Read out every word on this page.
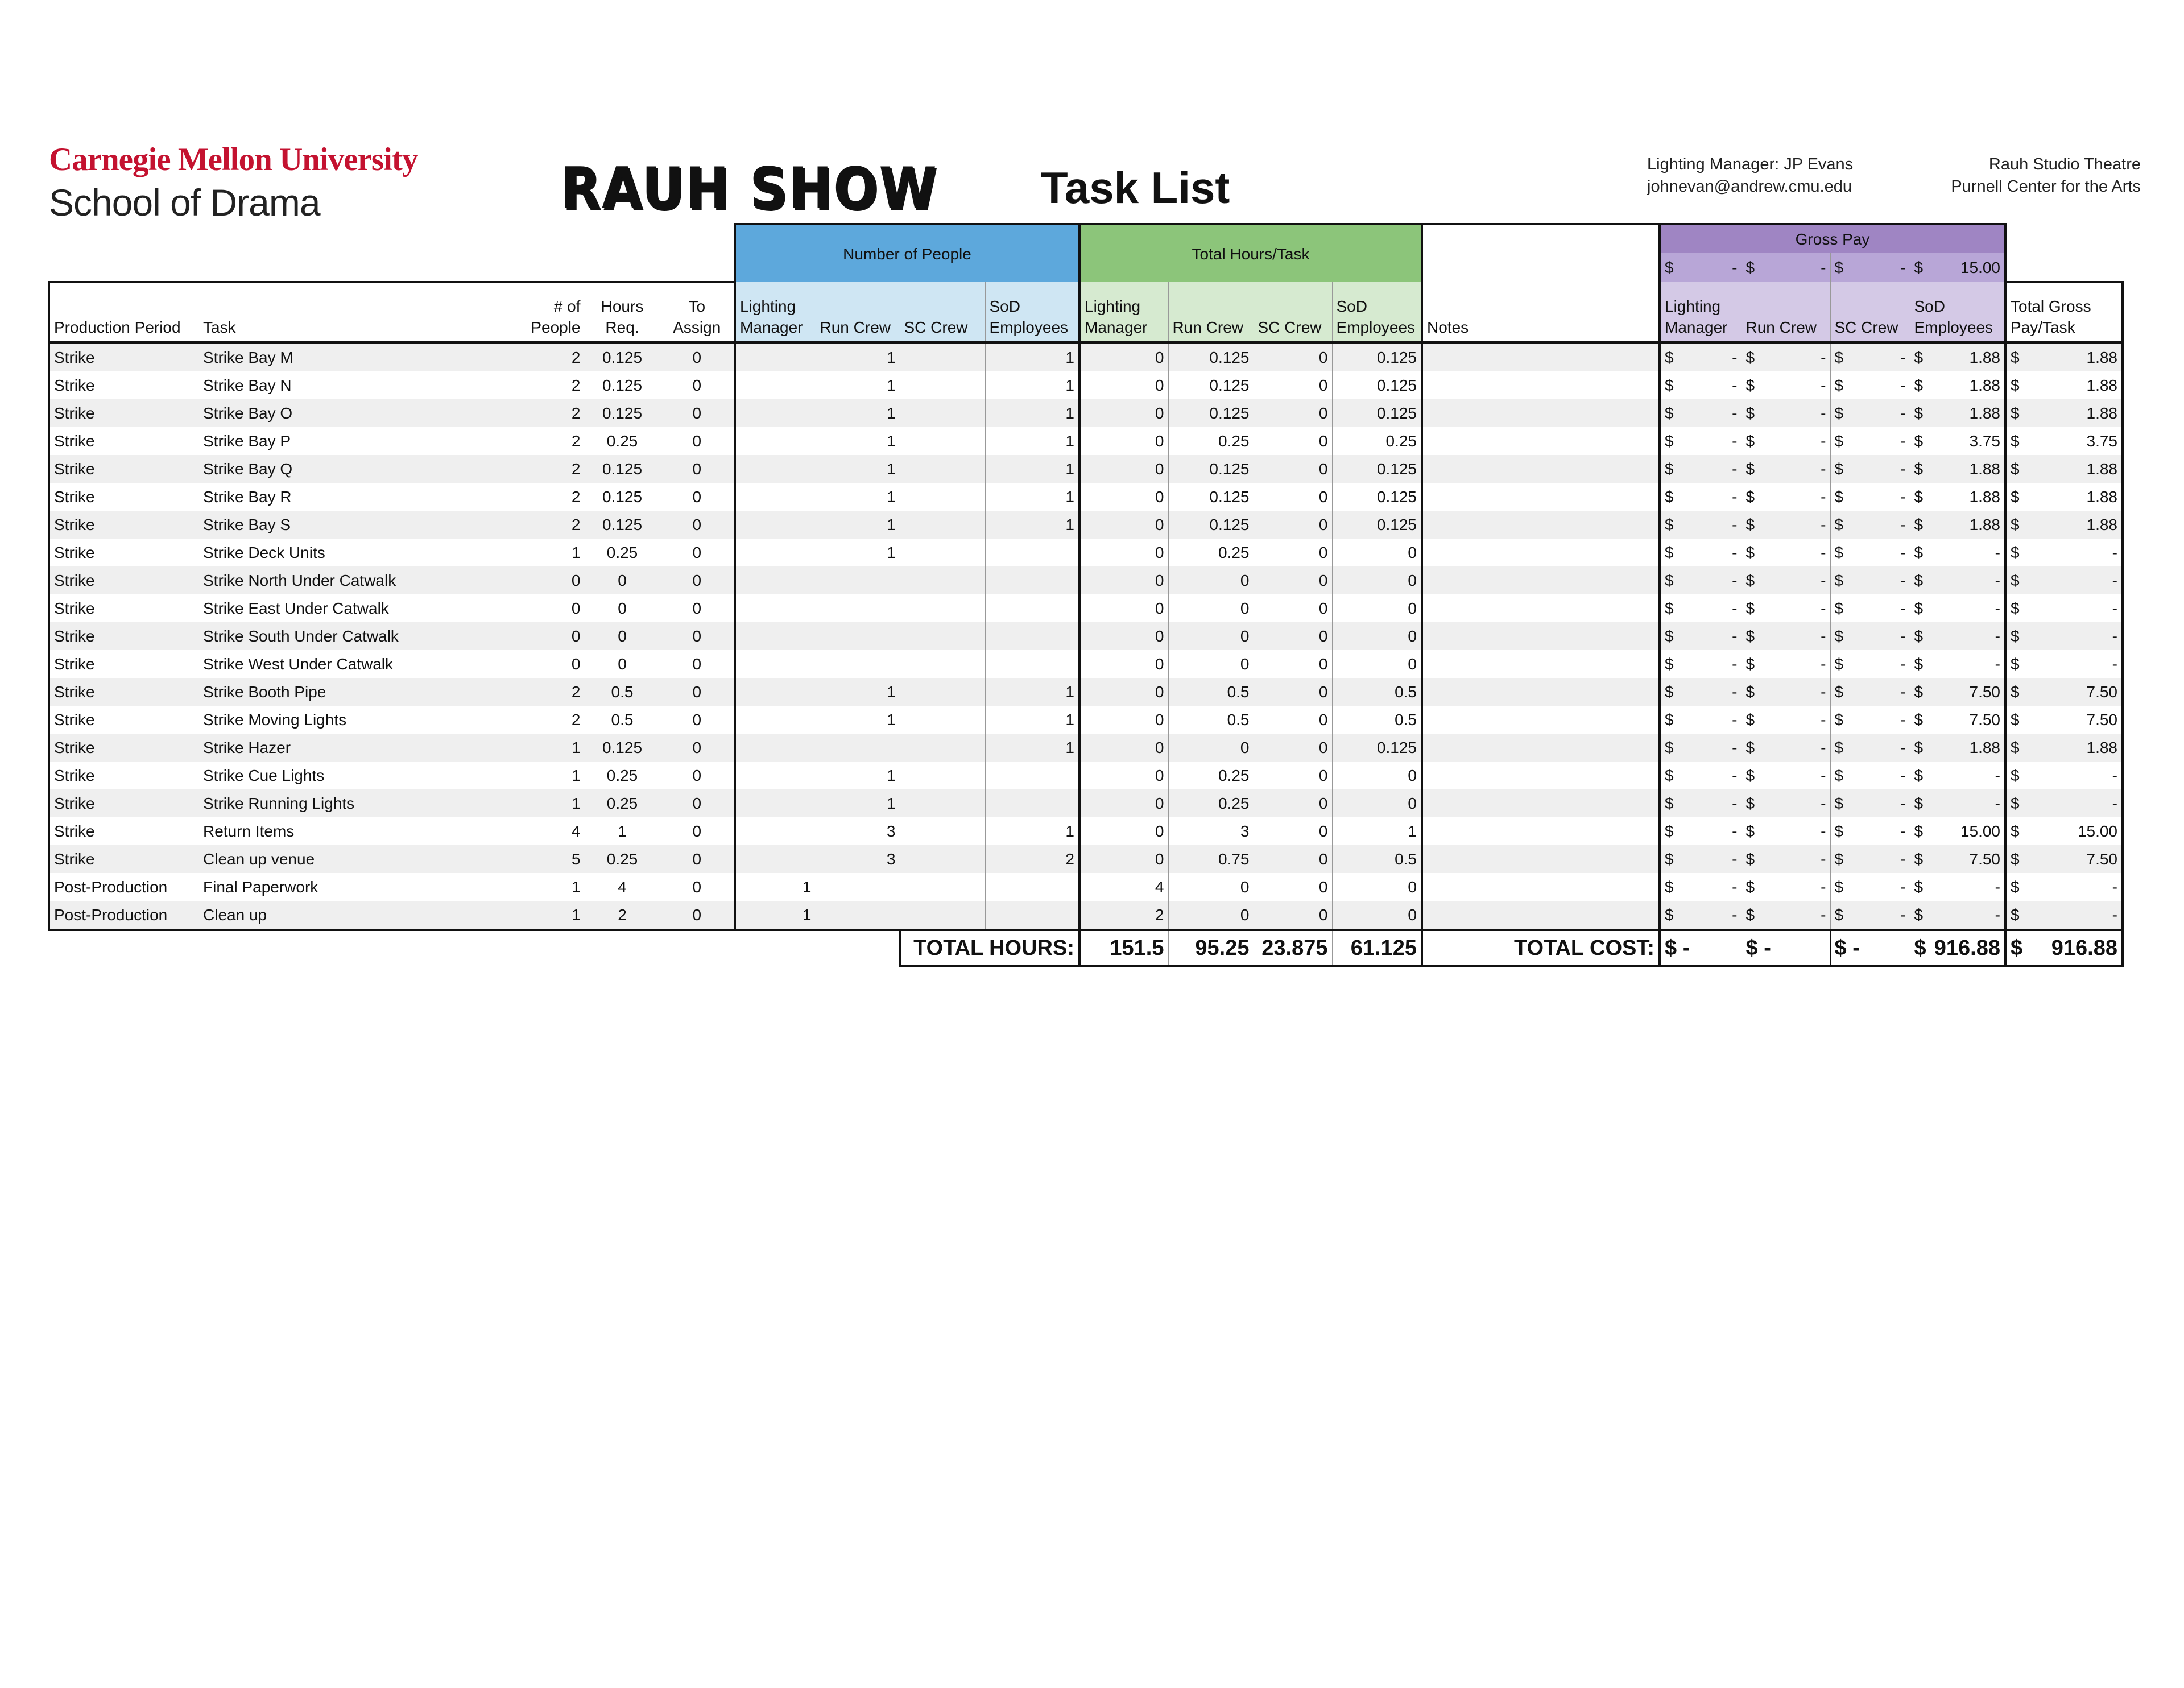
Carnegie Mellon University
School of Drama	RAUH SHOW Task List	Lighting Manager: JP Evans
johnevan@andrew.cmu.edu
Rauh Studio Theatre
Purnell Center for the Arts
					Number of People				Total Hours/Task					Gross Pay				

														$ -	$ -	$ -	$ 15.00	

Production Period	Task	# of People	Hours Req.	To Assign	Lighting Manager	Run Crew	SC Crew	SoD Employees	Lighting Manager	Run Crew	SC Crew	SoD Employees	Notes	Lighting Manager	Run Crew	SC Crew	SoD Employees	Total Gross Pay/Task
Strike	Strike Bay M	2	0.125	0		1		1	0	0.125	0	0.125		$ -	$ -	$ -	$ 1.88	$ 1.88

Strike	Strike Bay N	2	0.125	0		1		1	0	0.125	0	0.125		$ -	$ -	$ -	$ 1.88	$ 1.88

Strike	Strike Bay O	2	0.125	0		1		1	0	0.125	0	0.125		$ -	$ -	$ -	$ 1.88	$ 1.88

Strike	Strike Bay P	2	0.25	0		1		1	0	0.25	0	0.25		$ -	$ -	$ -	$ 3.75	$ 3.75

Strike	Strike Bay Q	2	0.125	0		1		1	0	0.125	0	0.125		$ -	$ -	$ -	$ 1.88	$ 1.88

Strike	Strike Bay R	2	0.125	0		1		1	0	0.125	0	0.125		$ -	$ -	$ -	$ 1.88	$ 1.88

Strike	Strike Bay S	2	0.125	0		1		1	0	0.125	0	0.125		$ -	$ -	$ -	$ 1.88	$ 1.88

Strike	Strike Deck Units	1	0.25	0		1			0	0.25	0	0		$ -	$ -	$ -	$ -	$ -

Strike	Strike North Under Catwalk	0	0	0					0	0	0	0		$ -	$ -	$ -	$ -	$ -

Strike	Strike East Under Catwalk	0	0	0					0	0	0	0		$ -	$ -	$ -	$ -	$ -

Strike	Strike South Under Catwalk	0	0	0					0	0	0	0		$ -	$ -	$ -	$ -	$ -

Strike	Strike West Under Catwalk	0	0	0					0	0	0	0		$ -	$ -	$ -	$ -	$ -

Strike	Strike Booth Pipe	2	0.5	0		1		1	0	0.5	0	0.5		$ -	$ -	$ -	$ 7.50	$ 7.50

Strike	Strike Moving Lights	2	0.5	0		1		1	0	0.5	0	0.5		$ -	$ -	$ -	$ 7.50	$ 7.50

Strike	Strike Hazer	1	0.125	0				1	0	0	0	0.125		$ -	$ -	$ -	$ 1.88	$ 1.88

Strike	Strike Cue Lights	1	0.25	0		1			0	0.25	0	0		$ -	$ -	$ -	$ -	$ -

Strike	Strike Running Lights	1	0.25	0		1			0	0.25	0	0		$ -	$ -	$ -	$ -	$ -

Strike	Return Items	4	1	0		3		1	0	3	0	1		$ -	$ -	$ -	$ 15.00	$ 15.00

Strike	Clean up venue	5	0.25	0		3		2	0	0.75	0	0.5		$ -	$ -	$ -	$ 7.50	$ 7.50

Post-Production	Final Paperwork	1	4	0	1				4	0	0	0		$ -	$ -	$ -	$ -	$ -

Post-Production	Clean up	1	2	0	1				2	0	0	0		$ -	$ -	$ -	$ -	$ -

							TOTAL HOURS:		151.5	95.25	23.875	61.125	TOTAL COST:	$ -	$ -	$ -	$ 916.88	$ 916.88
